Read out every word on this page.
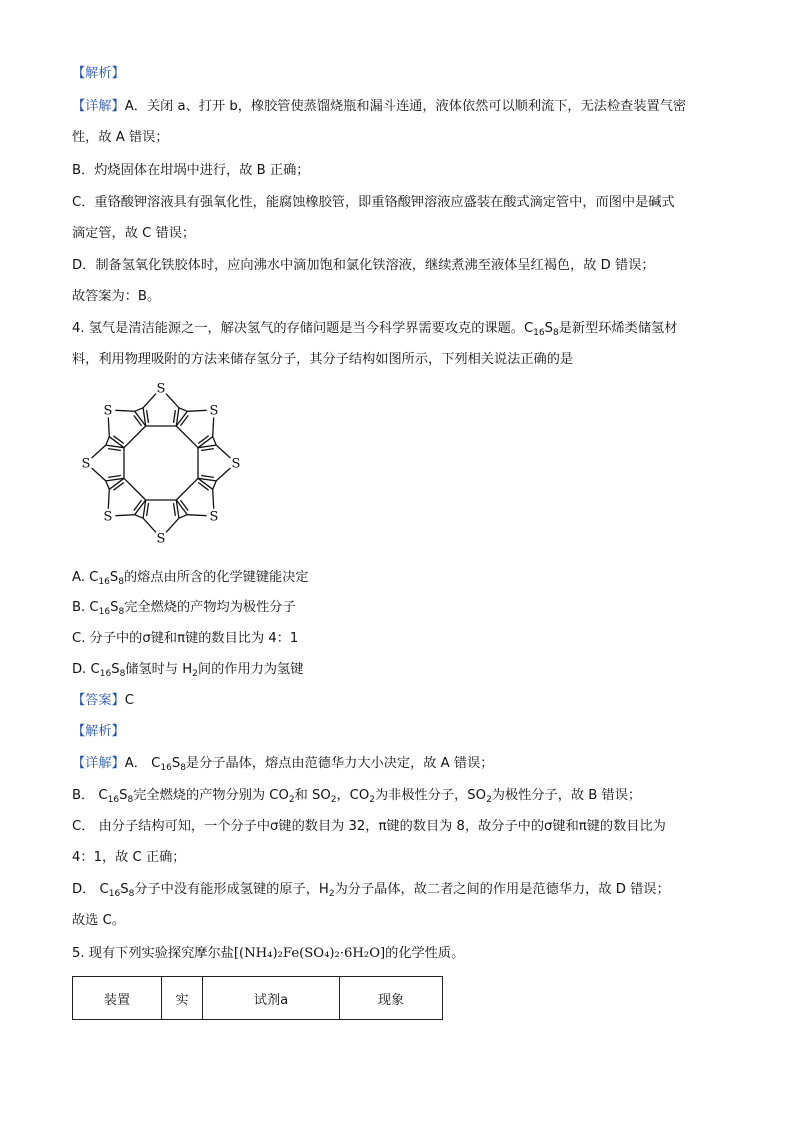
【解析】
【详解】A．关闭 a、打开 b，橡胶管使蒸馏烧瓶和漏斗连通，液体依然可以顺利流下，无法检查装置气密
性，故 A 错误；
B．灼烧固体在坩埚中进行，故 B 正确；
C．重铬酸钾溶液具有强氧化性，能腐蚀橡胶管，即重铬酸钾溶液应盛装在酸式滴定管中，而图中是碱式
滴定管，故 C 错误；
D．制备氢氧化铁胶体时，应向沸水中滴加饱和氯化铁溶液，继续煮沸至液体呈红褐色，故 D 错误；
故答案为：B。
4. 氢气是清洁能源之一，解决氢气的存储问题是当今科学界需要攻克的课题。$C_{16}S_8$是新型环烯类储氢材
料，利用物理吸附的方法来储存氢分子，其分子结构如图所示，下列相关说法正确的是
S
S
S
S
S
S
S
S
A. $C_{16}S_8$的熔点由所含的化学键键能决定
B. $C_{16}S_8$完全燃烧的产物均为极性分子
C. 分子中的σ键和π键的数目比为 4：1
D. $C_{16}S_8$储氢时与 $H_2$间的作用力为氢键
【答案】C
【解析】
【详解】A． $C_{16}S_8$是分子晶体，熔点由范德华力大小决定，故 A 错误；
B． $C_{16}S_8$完全燃烧的产物分别为 $CO_2$和 $SO_2$，$CO_2$为非极性分子，$SO_2$为极性分子，故 B 错误；
C． 由分子结构可知，一个分子中σ键的数目为 32，π键的数目为 8，故分子中的σ键和π键的数目比为
4：1，故 C 正确；
D． $C_{16}S_8$分子中没有能形成氢键的原子，$H_2$为分子晶体，故二者之间的作用是范德华力，故 D 错误；
故选 C。
5. 现有下列实验探究摩尔盐[(NH₄)₂Fe(SO₄)₂·6H₂O]的化学性质。
装置	实	试剂a	现象
